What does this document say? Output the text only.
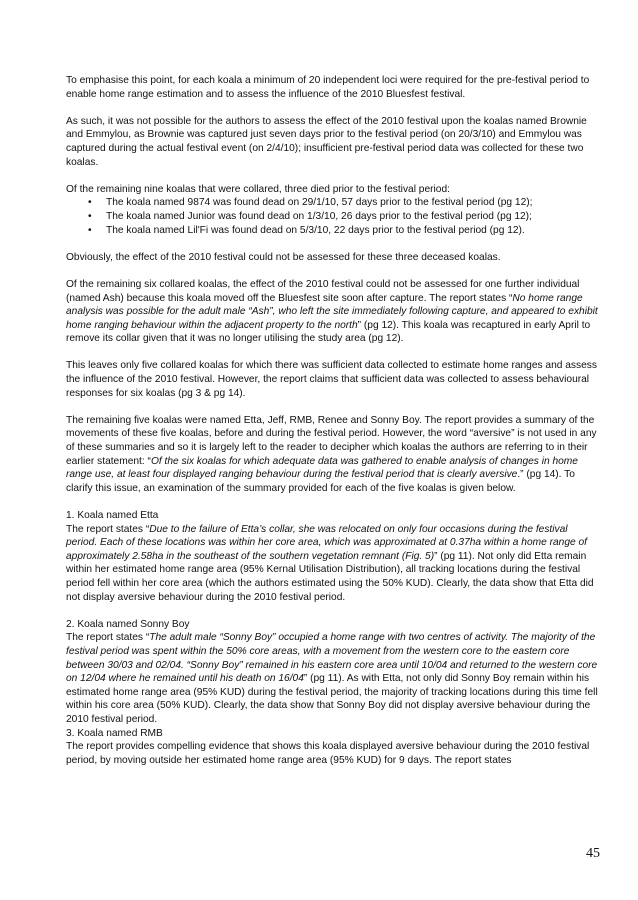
To emphasise this point, for each koala a minimum of 20 independent loci were required for the pre-festival period to enable home range estimation and to assess the influence of the 2010 Bluesfest festival.

As such, it was not possible for the authors to assess the effect of the 2010 festival upon the koalas named Brownie and Emmylou, as Brownie was captured just seven days prior to the festival period (on 20/3/10) and Emmylou was captured during the actual festival event (on 2/4/10); insufficient pre-festival period data was collected for these two koalas.

Of the remaining nine koalas that were collared, three died prior to the festival period:

• The koala named 9874 was found dead on 29/1/10, 57 days prior to the festival period (pg 12);
• The koala named Junior was found dead on 1/3/10, 26 days prior to the festival period (pg 12);
• The koala named Lil'Fi was found dead on 5/3/10, 22 days prior to the festival period (pg 12).

Obviously, the effect of the 2010 festival could not be assessed for these three deceased koalas.

Of the remaining six collared koalas, the effect of the 2010 festival could not be assessed for one further individual (named Ash) because this koala moved off the Bluesfest site soon after capture. The report states “No home range analysis was possible for the adult male “Ash”, who left the site immediately following capture, and appeared to exhibit home ranging behaviour within the adjacent property to the north” (pg 12). This koala was recaptured in early April to remove its collar given that it was no longer utilising the study area (pg 12).

This leaves only five collared koalas for which there was sufficient data collected to estimate home ranges and assess the influence of the 2010 festival. However, the report claims that sufficient data was collected to assess behavioural responses for six koalas (pg 3 & pg 14).

The remaining five koalas were named Etta, Jeff, RMB, Renee and Sonny Boy. The report provides a summary of the movements of these five koalas, before and during the festival period. However, the word “aversive” is not used in any of these summaries and so it is largely left to the reader to decipher which koalas the authors are referring to in their earlier statement: “Of the six koalas for which adequate data was gathered to enable analysis of changes in home range use, at least four displayed ranging behaviour during the festival period that is clearly aversive.” (pg 14). To clarify this issue, an examination of the summary provided for each of the five koalas is given below.

1. Koala named Etta
The report states “Due to the failure of Etta’s collar, she was relocated on only four occasions during the festival period. Each of these locations was within her core area, which was approximated at 0.37ha within a home range of approximately 2.58ha in the southeast of the southern vegetation remnant (Fig. 5)” (pg 11). Not only did Etta remain within her estimated home range area (95% Kernal Utilisation Distribution), all tracking locations during the festival period fell within her core area (which the authors estimated using the 50% KUD). Clearly, the data show that Etta did not display aversive behaviour during the 2010 festival period.

2. Koala named Sonny Boy
The report states “The adult male “Sonny Boy” occupied a home range with two centres of activity. The majority of the festival period was spent within the 50% core areas, with a movement from the western core to the eastern core between 30/03 and 02/04. “Sonny Boy” remained in his eastern core area until 10/04 and returned to the western core on 12/04 where he remained until his death on 16/04” (pg 11). As with Etta, not only did Sonny Boy remain within his estimated home range area (95% KUD) during the festival period, the majority of tracking locations during this time fell within his core area (50% KUD). Clearly, the data show that Sonny Boy did not display aversive behaviour during the 2010 festival period.

3. Koala named RMB
The report provides compelling evidence that shows this koala displayed aversive behaviour during the 2010 festival period, by moving outside her estimated home range area (95% KUD) for 9 days. The report states

45
